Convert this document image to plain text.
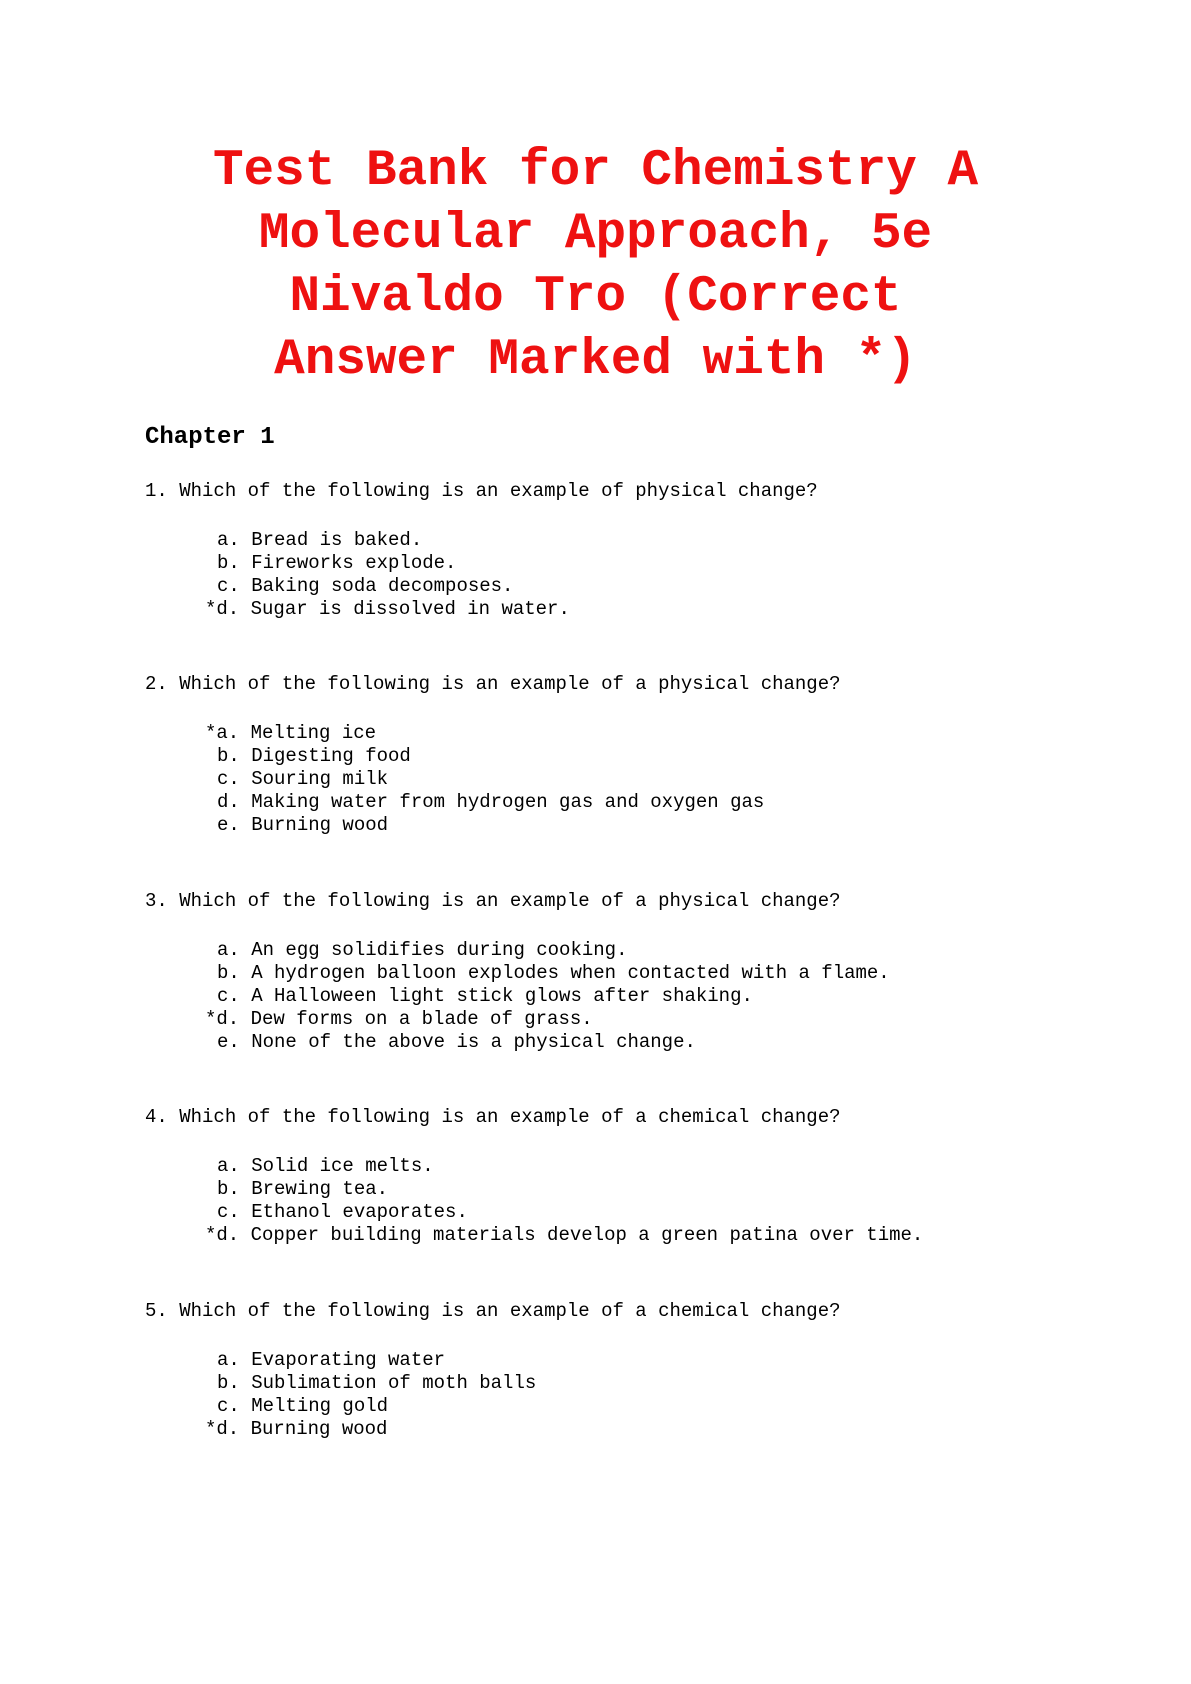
Test Bank for Chemistry A
Molecular Approach, 5e
Nivaldo Tro (Correct
Answer Marked with *)
Chapter 1

1. Which of the following is an example of physical change?

a. Bread is baked.
b. Fireworks explode.
c. Baking soda decomposes.
*d. Sugar is dissolved in water.

2. Which of the following is an example of a physical change?

*a. Melting ice
b. Digesting food
c. Souring milk
d. Making water from hydrogen gas and oxygen gas
e. Burning wood

3. Which of the following is an example of a physical change?

a. An egg solidifies during cooking.
b. A hydrogen balloon explodes when contacted with a flame.
c. A Halloween light stick glows after shaking.
*d. Dew forms on a blade of grass.
e. None of the above is a physical change.

4. Which of the following is an example of a chemical change?

a. Solid ice melts.
b. Brewing tea.
c. Ethanol evaporates.
*d. Copper building materials develop a green patina over time.

5. Which of the following is an example of a chemical change?

a. Evaporating water
b. Sublimation of moth balls
c. Melting gold
*d. Burning wood
